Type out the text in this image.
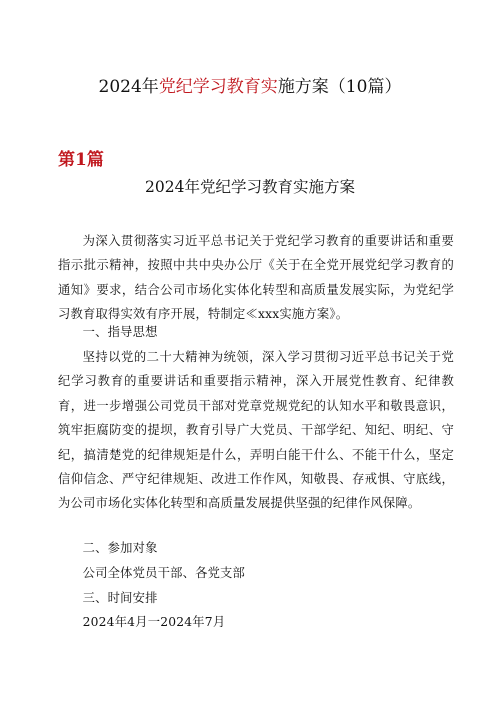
2024年党纪学习教育实施方案（10篇）
第1篇
2024年党纪学习教育实施方案
为深入贯彻落实习近平总书记关于党纪学习教育的重要讲话和重要指示批示精神，按照中共中央办公厅《关于在全党开展党纪学习教育的通知》要求，结合公司市场化实体化转型和高质量发展实际，为党纪学习教育取得实效有序开展，特制定≪xxx实施方案》。
一、指导思想
坚持以党的二十大精神为统领，深入学习贯彻习近平总书记关于党纪学习教育的重要讲话和重要指示精神，深入开展党性教育、纪律教育，进一步增强公司党员干部对党章党规党纪的认知水平和敬畏意识，筑牢拒腐防变的提坝，教育引导广大党员、干部学纪、知纪、明纪、守纪，搞清楚党的纪律规矩是什么，弄明白能干什么、不能干什么，坚定信仰信念、严守纪律规矩、改进工作作风，知敬畏、存戒惧、守底线，为公司市场化实体化转型和高质量发展提供坚强的纪律作风保障。
二、参加对象
公司全体党员干部、各党支部
三、时间安排
2024年4月一2024年7月
